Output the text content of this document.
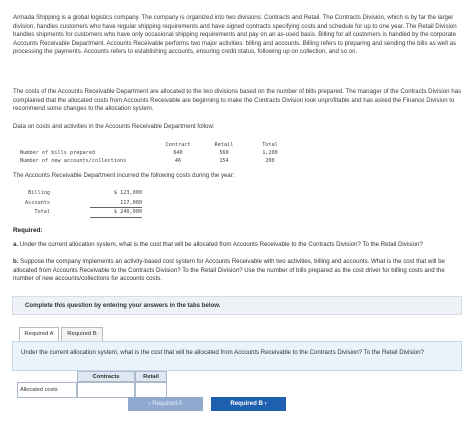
Armada Shipping is a global logistics company. The company is organized into two divisions: Contracts and Retail. The Contracts Division, which is by far the larger division, handles customers who have regular shipping requirements and have signed contracts specifying costs and schedule for up to one year. The Retail Division handles shipments for customers who have only occasional shipping requirements and pay on an as-used basis. Billing for all customers is handled by the corporate Accounts Receivable Department. Accounts Receivable performs two major activities: billing and accounts. Billing refers to preparing and sending the bills as well as processing the payments. Accounts refers to establishing accounts, ensuring credit status, following up on collection, and so on.
The costs of the Accounts Receivable Department are allocated to the two divisions based on the number of bills prepared. The manager of the Contracts Division has complained that the allocated costs from Accounts Receivable are beginning to make the Contracts Division look unprofitable and has asked the Finance Division to recommend some changes to the allocation system.
Data on costs and activities in the Accounts Receivable Department follow:
	Contract	Retail	Total
Number of bills prepared	640	560	1,200
Number of new accounts/collections	46	154	200
The Accounts Receivable Department incurred the following costs during the year:
Billing	$ 123,000
Accounts	117,000
Total	$ 240,000
Required:
a. Under the current allocation system, what is the cost that will be allocated from Accounts Receivable to the Contracts Division? To the Retail Division?
b. Suppose the company implements an activity-based cost system for Accounts Receivable with two activities, billing and accounts. What is the cost that will be allocated from Accounts Receivable to the Contracts Division? To the Retail Division? Use the number of bills prepared as the cost driver for billing costs and the number of new accounts/collections for accounts costs.
Complete this question by entering your answers in the tabs below.
Required A	Required B
Under the current allocation system, what is the cost that will be allocated from Accounts Receivable to the Contracts Division? To the Retail Division?
Contracts	Retail
Allocated costs
‹ Required A	Required B ›
